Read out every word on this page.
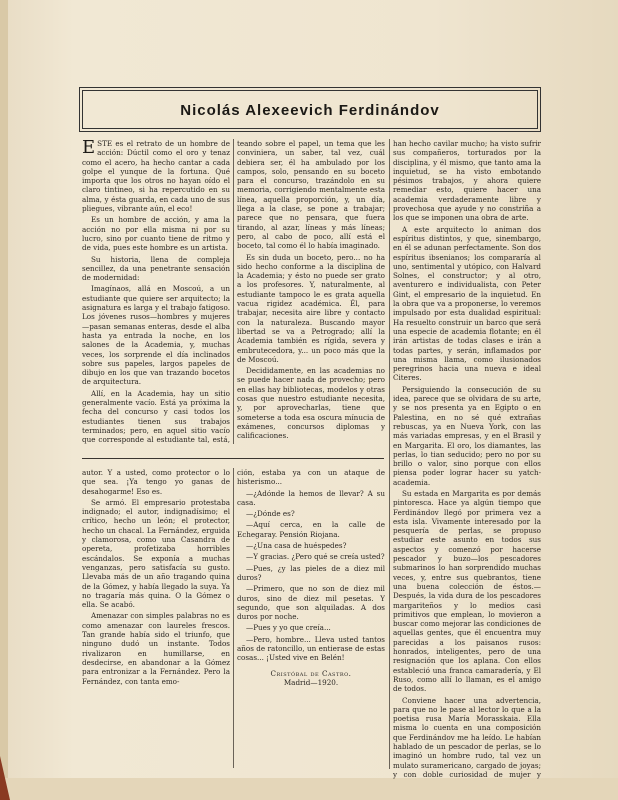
Nicolás Alexeevich Ferdinándov

ESTE es el retrato de un hombre de acción: Dúctil como el oro y tenaz como el acero, ha hecho cantar a cada golpe el yunque de la fortuna. Qué importa que los otros no hayan oído el claro tintineo, si ha repercutido en su alma, y ésta guarda, en cada uno de sus pliegues, vibrante aún, el eco!

Es un hombre de acción, y ama la acción no por ella misma ni por su lucro, sino por cuanto tiene de ritmo y de vida, pues este hombre es un artista.

Su historia, llena de compleja sencillez, da una penetrante sensación de modernidad:

Imagínaos, allá en Moscoú, a un estudiante que quiere ser arquitecto; la asignatura es larga y el trabajo fatigoso. Los jóvenes rusos—hombres y mujeres—pasan semanas enteras, desde el alba hasta ya entrada la noche, en los salones de la Academia, y, muchas veces, los sorprende el día inclinados sobre sus papeles, largos papeles de dibujo en los que van trazando bocetos de arquitectura.

Allí, en la Academia, hay un sitio generalmente vacío. Está ya próxima la fecha del concurso y casi todos los estudiantes tienen sus trabajos terminados; pero, en aquel sitio vacío que corresponde al estudiante tal, está,

teando sobre el papel, un tema que les conviniera, un saber, tal vez, cuál debiera ser, él ha ambulado por los campos, solo, pensando en su boceto para el concurso, trazándolo en su memoria, corrigiendo mentalmente esta línea, aquella proporción, y, un día, llega a la clase, se pone a trabajar; parece que no pensara, que fuera tirando, al azar, líneas y más líneas; pero, al cabo de poco, allí está el boceto, tal como él lo había imaginado.

Es sin duda un boceto, pero... no ha sido hecho conforme a la disciplina de la Academia; y ésto no puede ser grato a los profesores. Y, naturalmente, al estudiante tampoco le es grata aquella vacua rigidez académica. Él, para trabajar, necesita aire libre y contacto con la naturaleza. Buscando mayor libertad se va a Petrogrado; allí la Academia también es rígida, severa y embrutecedora, y... un poco más que la de Moscoú.

Decididamente, en las academias no se puede hacer nada de provecho; pero en ellas hay bibliotecas, modelos y otras cosas que nuestro estudiante necesita, y, por aprovecharlas, tiene que someterse a toda esa oscura mínucia de exámenes, concursos diplomas y calificaciones.

han hecho cavilar mucho; ha visto sufrir sus compañeros, torturados por la disciplina, y él mismo, que tanto ama la inquietud, se ha visto embotando pésimos trabajos, y ahora quiere remediar esto, quiere hacer una academia verdaderamente libre y provechosa que ayude y no constriña a los que se imponen una obra de arte.

A este arquitecto lo animan dos espíritus distintos, y que, sinembargo, en él se adunan perfectamente. Son dos espíritus ibsenianos; los compararía al uno, sentimental y utópico, con Halvard Solnes, el constructor; y al otro, aventurero e individualista, con Peter Gint, el empresario de la inquietud. En la obra que va a proponerse, lo veremos impulsado por esta dualidad espiritual: Ha resuelto construir un barco que será una especie de academia flotante; en él irán artistas de todas clases e irán a todas partes, y serán, inflamados por una misma llama, como ilusionados peregrinos hacia una nueva e ideal Citeres.

Persiguiendo la consecución de su idea, parece que se olvidara de su arte, y se nos presenta ya en Egipto o en Palestina, en no sé qué extrañas rebuscas, ya en Nueva York, con las más variadas empresas, y en el Brasil y en Margarita. El oro, los diamantes, las perlas, lo tian seducido; pero no por su brillo o valor, sino porque con ellos piensa poder lograr hacer su yatch-academia.

Su estada en Margarita es por demás pintoresca. Hace ya algún tiempo que Ferdinándov llegó por primera vez a esta isla. Vivamente interesado por la pesquería de perlas, se propuso estudiar este asunto en todos sus aspectos y comenzó por hacerse pescador y buzo—los pescadores submarinos lo han sorprendido muchas veces, y, entre sus quebrantos, tiene una buena colección de éstos.—Después, la vida dura de los pescadores margariteños y lo medios casi primitivos que emplean, lo movieron a buscar como mejorar las condiciones de aquellas gentes, que él encuentra muy parecidas a los paisanos rusos: honrados, inteligentes, pero de una resignación que los aplana. Con ellos estableció una franca camaradería, y El Ruso, como allí lo llaman, es el amigo de todos.

Conviene hacer una advertencia, para que no le pase al lector lo que a la poetisa rusa María Morasskaia. Ella misma lo cuenta en una composición que Ferdinándov me ha leído. Le habían hablado de un pescador de perlas, se lo imaginó un hombre rudo, tal vez un mulato suramericano, cargado de joyas; y con doble curiosidad de mujer y

autor. Y a usted, como protector o lo que sea. ¡Ya tengo yo ganas de desahogarme! Eso es.

Se armó. El empresario protestaba indignado; el autor, indignadísimo; el crítico, hecho un león; el protector, hecho un chacal. La Fernández, erguida y clamorosa, como una Casandra de opereta, profetizaba horribles escándalos. Se exponía a muchas venganzas, pero satisfacía su gusto. Llevaba más de un año tragando quina de la Gómez, y había llegado la suya. Ya no tragaría más quina. O la Gómez o ella. Se acabó.

Amenazar con simples palabras no es como amenazar con laureles frescos. Tan grande había sido el triunfo, que ninguno dudó un instante. Todos rivalizaron en humillarse, en desdecirse, en abandonar a la Gómez para entronizar a la Fernández. Pero la Fernández, con tanta emo-

ción, estaba ya con un ataque de histerismo...

—¿Adónde la hemos de llevar? A su casa.

—¿Dónde es?

—Aquí cerca, en la calle de Echegaray. Pensión Riojana.

—¿Una casa de huéspedes?

—Y gracias. ¿Pero qué se creía usted?

—Pues, ¿y las pieles de a diez mil duros?

—Primero, que no son de diez mil duros, sino de diez mil pesetas. Y segundo, que son alquiladas. A dos duros por noche.

—Pues y yo que creía...

—Pero, hombre... Lleva usted tantos años de ratoncillo, un entierase de estas cosas... ¡Usted vive en Belén!

Cristóbal de Castro.
Madrid—1920.
